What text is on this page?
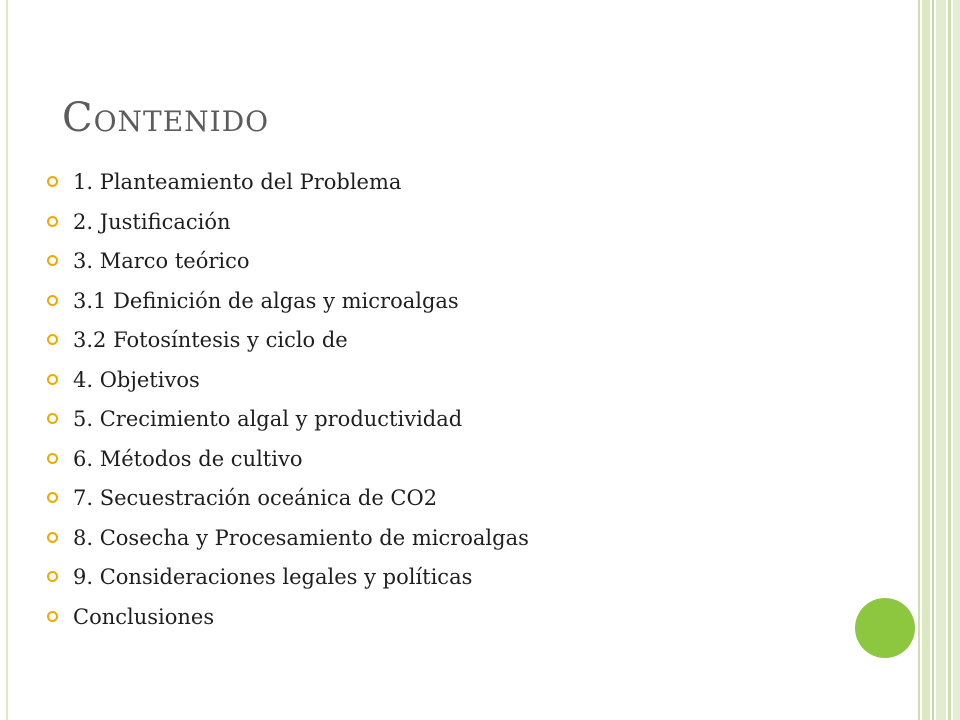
Contenido
1. Planteamiento del Problema
2. Justificación
3. Marco teórico
3.1 Definición de algas y microalgas
3.2 Fotosíntesis y ciclo de
4. Objetivos
5. Crecimiento algal y productividad
6. Métodos de cultivo
7. Secuestración oceánica de CO2
8. Cosecha y Procesamiento de microalgas
9. Consideraciones legales y políticas
Conclusiones
